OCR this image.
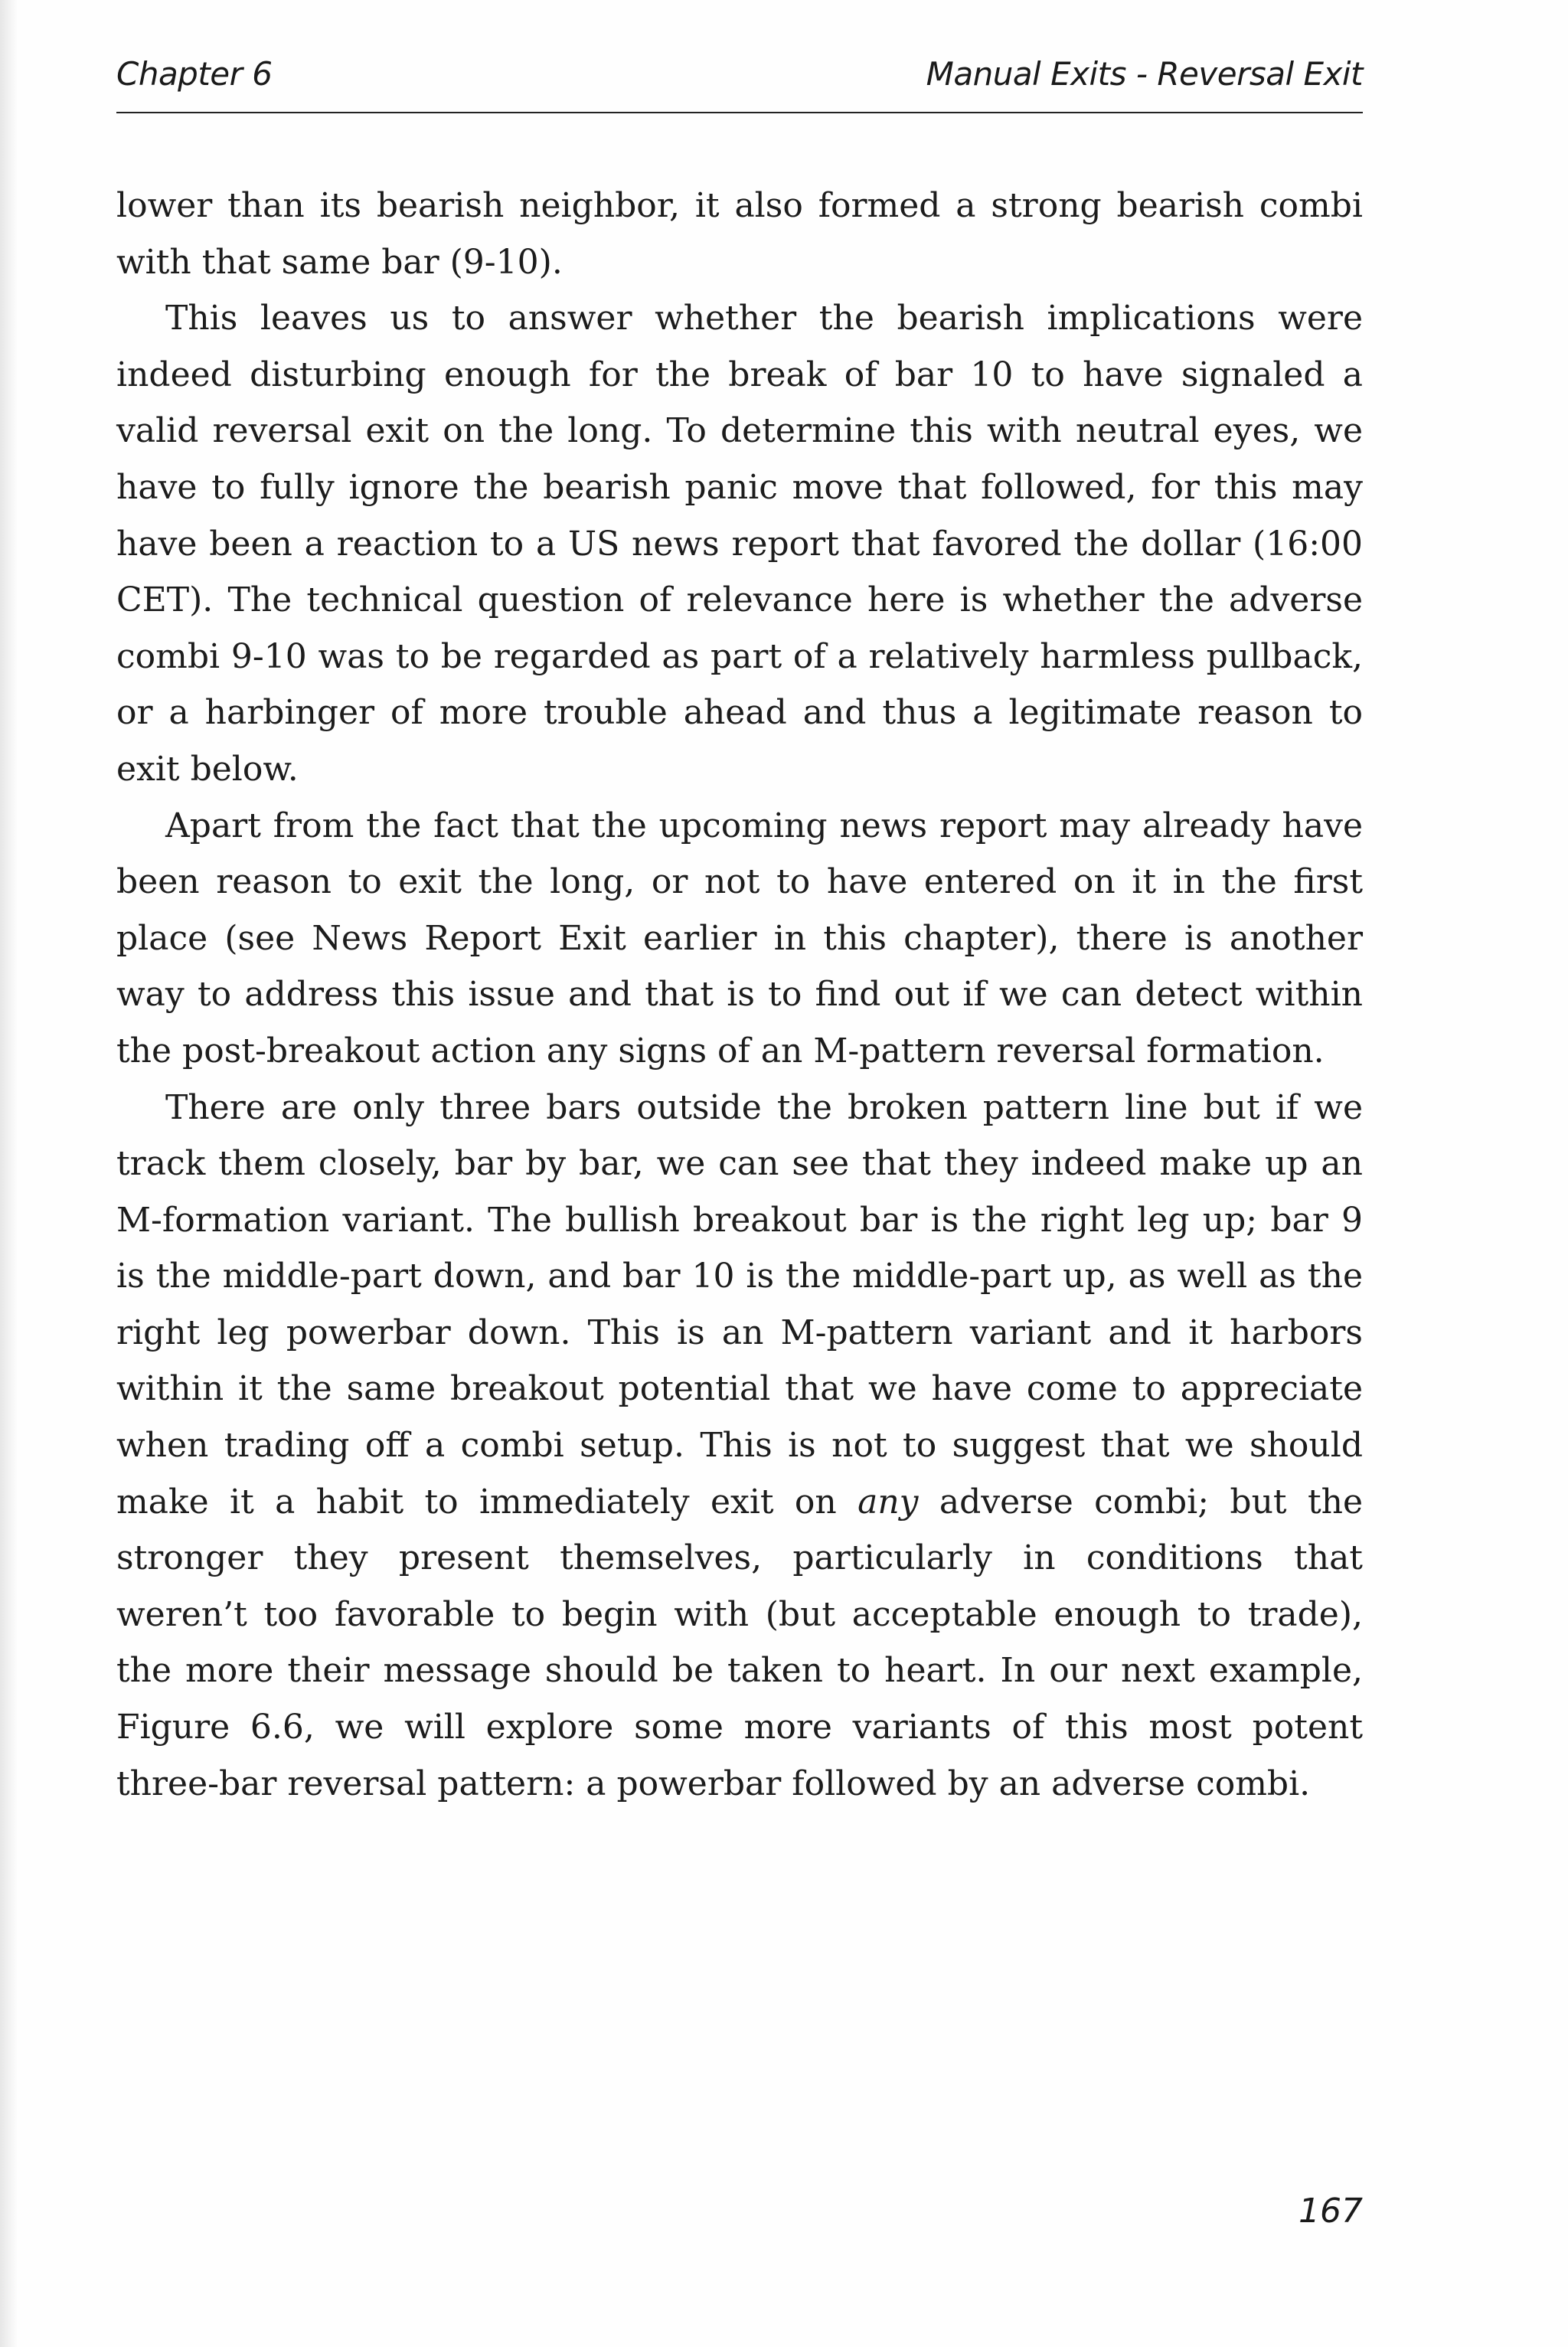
Chapter 6	Manual Exits - Reversal Exit

lower than its bearish neighbor, it also formed a strong bearish combi with that same bar (9-10).

This leaves us to answer whether the bearish implications were indeed disturbing enough for the break of bar 10 to have signaled a valid reversal exit on the long. To determine this with neutral eyes, we have to fully ignore the bearish panic move that followed, for this may have been a reaction to a US news report that favored the dollar (16:00 CET). The technical question of relevance here is whether the adverse combi 9-10 was to be regarded as part of a relatively harmless pullback, or a harbinger of more trouble ahead and thus a legitimate reason to exit below.

Apart from the fact that the upcoming news report may already have been reason to exit the long, or not to have entered on it in the first place (see News Report Exit earlier in this chapter), there is another way to address this issue and that is to find out if we can detect within the post-breakout action any signs of an M-pattern reversal formation.

There are only three bars outside the broken pattern line but if we track them closely, bar by bar, we can see that they indeed make up an M-formation variant. The bullish breakout bar is the right leg up; bar 9 is the middle-part down, and bar 10 is the middle-part up, as well as the right leg powerbar down. This is an M-pattern variant and it harbors within it the same breakout potential that we have come to appreciate when trading off a combi setup. This is not to suggest that we should make it a habit to immediately exit on any adverse combi; but the stronger they present themselves, particularly in conditions that weren’t too favorable to begin with (but acceptable enough to trade), the more their message should be taken to heart. In our next example, Figure 6.6, we will explore some more variants of this most potent three-bar reversal pattern: a powerbar followed by an adverse combi.

167
